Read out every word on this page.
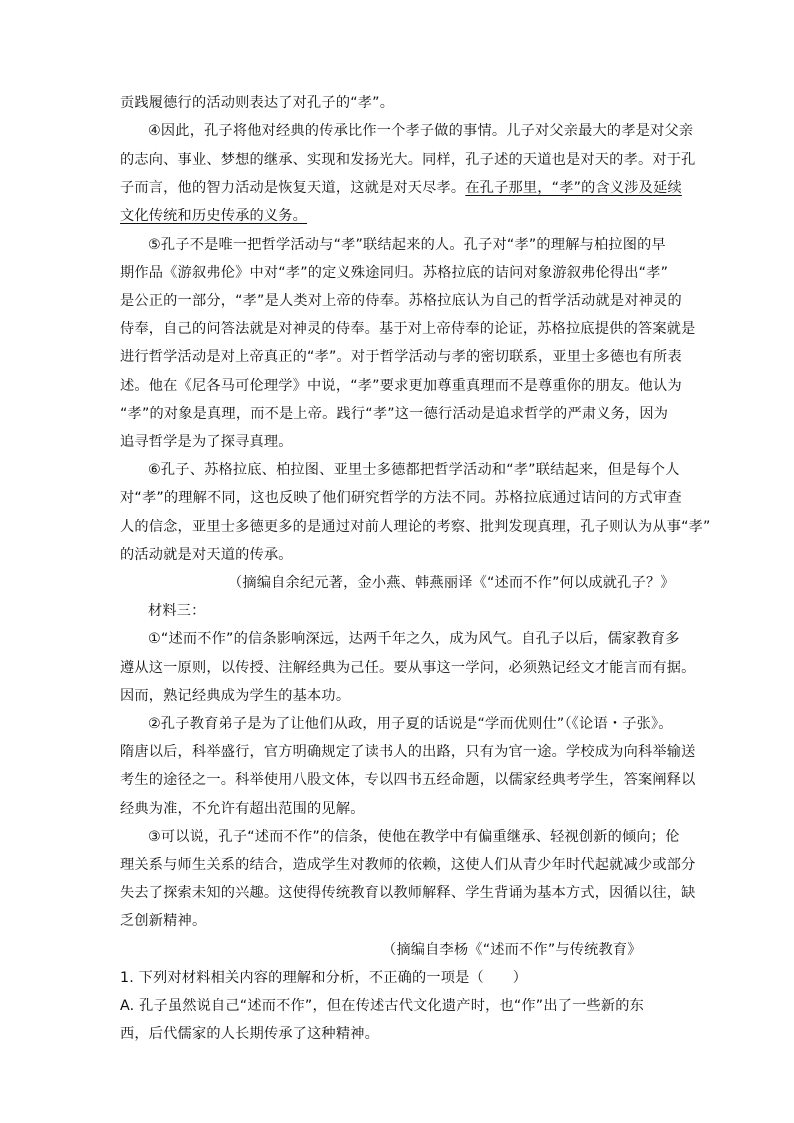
贡践履德行的活动则表达了对孔子的“孝”。
④因此，孔子将他对经典的传承比作一个孝子做的事情。儿子对父亲最大的孝是对父亲
的志向、事业、梦想的继承、实现和发扬光大。同样，孔子述的天道也是对天的孝。对于孔
子而言，他的智力活动是恢复天道，这就是对天尽孝。在孔子那里，“孝”的含义涉及延续
文化传统和历史传承的义务。
⑤孔子不是唯一把哲学活动与“孝”联结起来的人。孔子对“孝”的理解与柏拉图的早
期作品《游叙弗伦》中对“孝”的定义殊途同归。苏格拉底的诘问对象游叙弗伦得出“孝”
是公正的一部分，“孝”是人类对上帝的侍奉。苏格拉底认为自己的哲学活动就是对神灵的
侍奉，自己的问答法就是对神灵的侍奉。基于对上帝侍奉的论证，苏格拉底提供的答案就是
进行哲学活动是对上帝真正的“孝”。对于哲学活动与孝的密切联系，亚里士多德也有所表
述。他在《尼各马可伦理学》中说，“孝”要求更加尊重真理而不是尊重你的朋友。他认为
“孝”的对象是真理，而不是上帝。践行“孝”这一德行活动是追求哲学的严肃义务，因为
追寻哲学是为了探寻真理。
⑥孔子、苏格拉底、柏拉图、亚里士多德都把哲学活动和“孝”联结起来，但是每个人
对“孝”的理解不同，这也反映了他们研究哲学的方法不同。苏格拉底通过诘问的方式审查
人的信念，亚里士多德更多的是通过对前人理论的考察、批判发现真理，孔子则认为从事“孝”
的活动就是对天道的传承。
（摘编自余纪元著，金小燕、韩燕丽译《“述而不作”何以成就孔子？》
材料三：
①“述而不作”的信条影响深远，达两千年之久，成为风气。自孔子以后，儒家教育多
遵从这一原则，以传授、注解经典为己任。要从事这一学问，必须熟记经文才能言而有据。
因而，熟记经典成为学生的基本功。
②孔子教育弟子是为了让他们从政，用子夏的话说是“学而优则仕”（《论语・子张》。
隋唐以后，科举盛行，官方明确规定了读书人的出路，只有为官一途。学校成为向科举输送
考生的途径之一。科举使用八股文体，专以四书五经命题，以儒家经典考学生，答案阐释以
经典为准，不允许有超出范围的见解。
③可以说，孔子“述而不作”的信条，使他在教学中有偏重继承、轻视创新的倾向；伦
理关系与师生关系的结合，造成学生对教师的依赖，这使人们从青少年时代起就减少或部分
失去了探索未知的兴趣。这使得传统教育以教师解释、学生背诵为基本方式，因循以往，缺
乏创新精神。
（摘编自李杨《“述而不作”与传统教育》
1. 下列对材料相关内容的理解和分析，不正确的一项是（　　）
A. 孔子虽然说自己“述而不作”，但在传述古代文化遗产时，也“作”出了一些新的东
西，后代儒家的人长期传承了这种精神。
